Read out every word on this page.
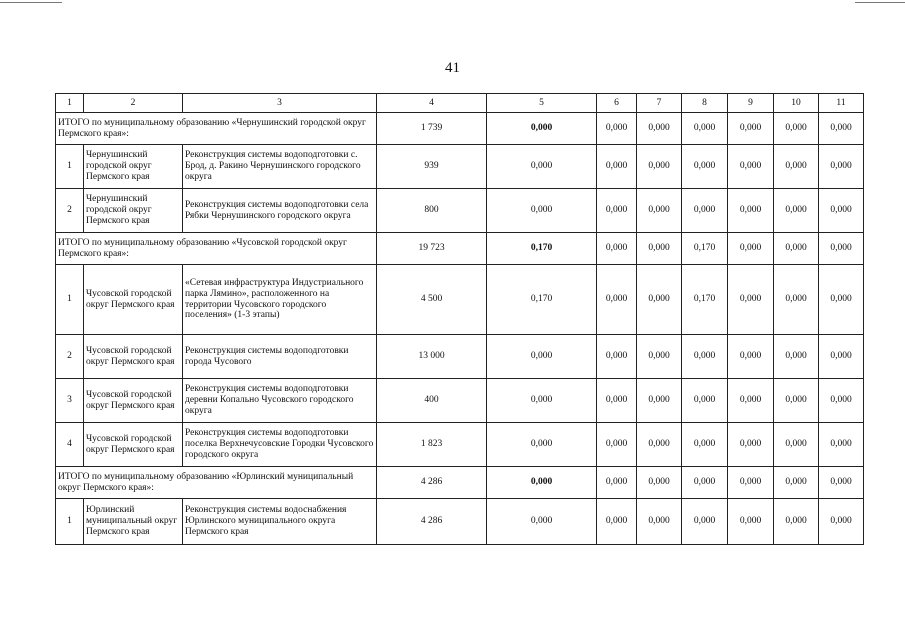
41
1	2	3	4	5	6	7	8	9	10	11
ИТОГО по муниципальному образованию «Чернушинский городской округ Пермского края»:			1 739	0,000	0,000	0,000	0,000	0,000	0,000	0,000
1	Чернушинский городской округ Пермского края	Реконструкция системы водоподготовки с. Брод, д. Ракино Чернушинского городского округа	939	0,000	0,000	0,000	0,000	0,000	0,000	0,000
2	Чернушинский городской округ Пермского края	Реконструкция системы водоподготовки села Рябки Чернушинского городского округа	800	0,000	0,000	0,000	0,000	0,000	0,000	0,000
ИТОГО по муниципальному образованию «Чусовской городской округ Пермского края»:			19 723	0,170	0,000	0,000	0,170	0,000	0,000	0,000
1	Чусовской городской округ Пермского края	«Сетевая инфраструктура Индустриального парка Лямино», расположенного на территории Чусовского городского поселения» (1-3 этапы)	4 500	0,170	0,000	0,000	0,170	0,000	0,000	0,000
2	Чусовской городской округ Пермского края	Реконструкция системы водоподготовки города Чусового	13 000	0,000	0,000	0,000	0,000	0,000	0,000	0,000
3	Чусовской городской округ Пермского края	Реконструкция системы водоподготовки деревни Копально Чусовского городского округа	400	0,000	0,000	0,000	0,000	0,000	0,000	0,000
4	Чусовской городской округ Пермского края	Реконструкция системы водоподготовки поселка Верхнечусовские Городки Чусовского городского округа	1 823	0,000	0,000	0,000	0,000	0,000	0,000	0,000
ИТОГО по муниципальному образованию «Юрлинский муниципальный округ Пермского края»:			4 286	0,000	0,000	0,000	0,000	0,000	0,000	0,000
1	Юрлинский муниципальный округ Пермского края	Реконструкция системы водоснабжения Юрлинского муниципального округа Пермского края	4 286	0,000	0,000	0,000	0,000	0,000	0,000	0,000
